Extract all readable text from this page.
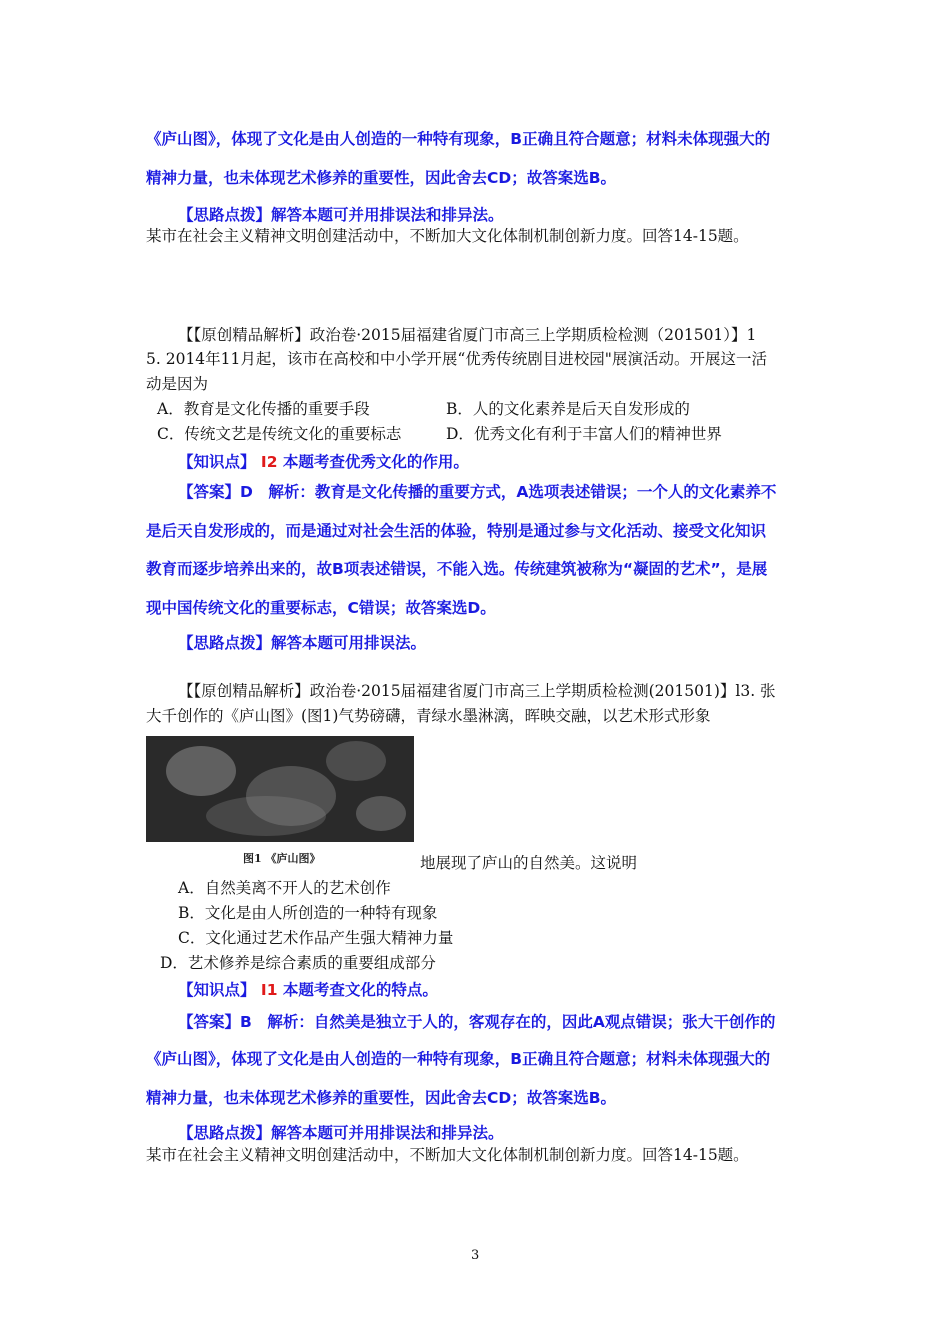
《庐山图》，体现了文化是由人创造的一种特有现象，B正确且符合题意；材料未体现强大的
精神力量，也未体现艺术修养的重要性，因此舍去CD；故答案选B。
【思路点拨】解答本题可并用排误法和排异法。
某市在社会主义精神文明创建活动中，不断加大文化体制机制创新力度。回答14-15题。
【【原创精品解析】政治卷·2015届福建省厦门市高三上学期质检检测（201501）】1
5. 2014年11月起，该市在高校和中小学开展“优秀传统剧目进校园"展演活动。开展这一活
动是因为
A．教育是文化传播的重要手段	B．人的文化素养是后天自发形成的
C．传统文艺是传统文化的重要标志	D．优秀文化有利于丰富人们的精神世界
【知识点】 I2 本题考查优秀文化的作用。
【答案】D　解析：教育是文化传播的重要方式，A选项表述错误；一个人的文化素养不
是后天自发形成的，而是通过对社会生活的体验，特别是通过参与文化活动、接受文化知识
教育而逐步培养出来的，故B项表述错误，不能入选。传统建筑被称为“凝固的艺术”，是展
现中国传统文化的重要标志，C错误；故答案选D。
【思路点拨】解答本题可用排误法。
【【原创精品解析】政治卷·2015届福建省厦门市高三上学期质检检测(201501)】l3. 张
大千创作的《庐山图》(图1)气势磅礴，青绿水墨淋漓，晖映交融，以艺术形式形象
图1 《庐山图》	地展现了庐山的自然美。这说明
A．自然美离不开人的艺术创作
B．文化是由人所创造的一种特有现象
C．文化通过艺术作品产生强大精神力量
D．艺术修养是综合素质的重要组成部分
【知识点】 I1 本题考查文化的特点。
【答案】B　解析：自然美是独立于人的，客观存在的，因此A观点错误；张大干创作的
《庐山图》，体现了文化是由人创造的一种特有现象，B正确且符合题意；材料未体现强大的
精神力量，也未体现艺术修养的重要性，因此舍去CD；故答案选B。
【思路点拨】解答本题可并用排误法和排异法。
某市在社会主义精神文明创建活动中，不断加大文化体制机制创新力度。回答14-15题。
3
